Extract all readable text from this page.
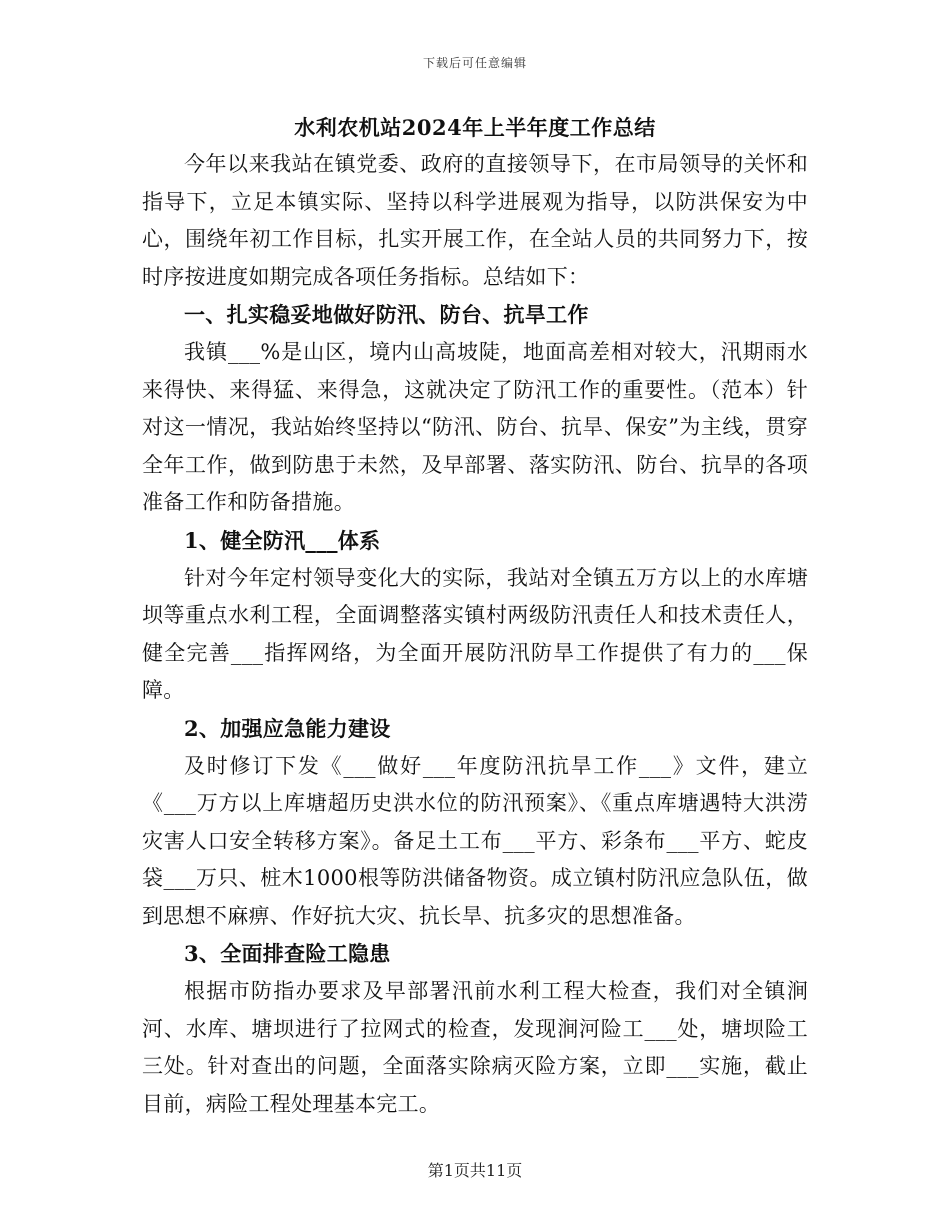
下载后可任意编辑
水利农机站2024年上半年度工作总结

今年以来我站在镇党委、政府的直接领导下，在市局领导的关怀和指导下，立足本镇实际、坚持以科学进展观为指导，以防洪保安为中心，围绕年初工作目标，扎实开展工作，在全站人员的共同努力下，按时序按进度如期完成各项任务指标。总结如下：

一、扎实稳妥地做好防汛、防台、抗旱工作

我镇___%是山区，境内山高坡陡，地面高差相对较大，汛期雨水来得快、来得猛、来得急，这就决定了防汛工作的重要性。（范本）针对这一情况，我站始终坚持以“防汛、防台、抗旱、保安”为主线，贯穿全年工作，做到防患于未然，及早部署、落实防汛、防台、抗旱的各项准备工作和防备措施。

1、健全防汛___体系

针对今年定村领导变化大的实际，我站对全镇五万方以上的水库塘坝等重点水利工程，全面调整落实镇村两级防汛责任人和技术责任人，健全完善___指挥网络，为全面开展防汛防旱工作提供了有力的___保障。

2、加强应急能力建设

及时修订下发《___做好___年度防汛抗旱工作___》文件，建立《___万方以上库塘超历史洪水位的防汛预案》、《重点库塘遇特大洪涝灾害人口安全转移方案》。备足土工布___平方、彩条布___平方、蛇皮袋___万只、桩木1000根等防洪储备物资。成立镇村防汛应急队伍，做到思想不麻痹、作好抗大灾、抗长旱、抗多灾的思想准备。

3、全面排查险工隐患

根据市防指办要求及早部署汛前水利工程大检查，我们对全镇涧河、水库、塘坝进行了拉网式的检查，发现涧河险工___处，塘坝险工三处。针对查出的问题，全面落实除病灭险方案，立即___实施，截止目前，病险工程处理基本完工。

第1页共11页
